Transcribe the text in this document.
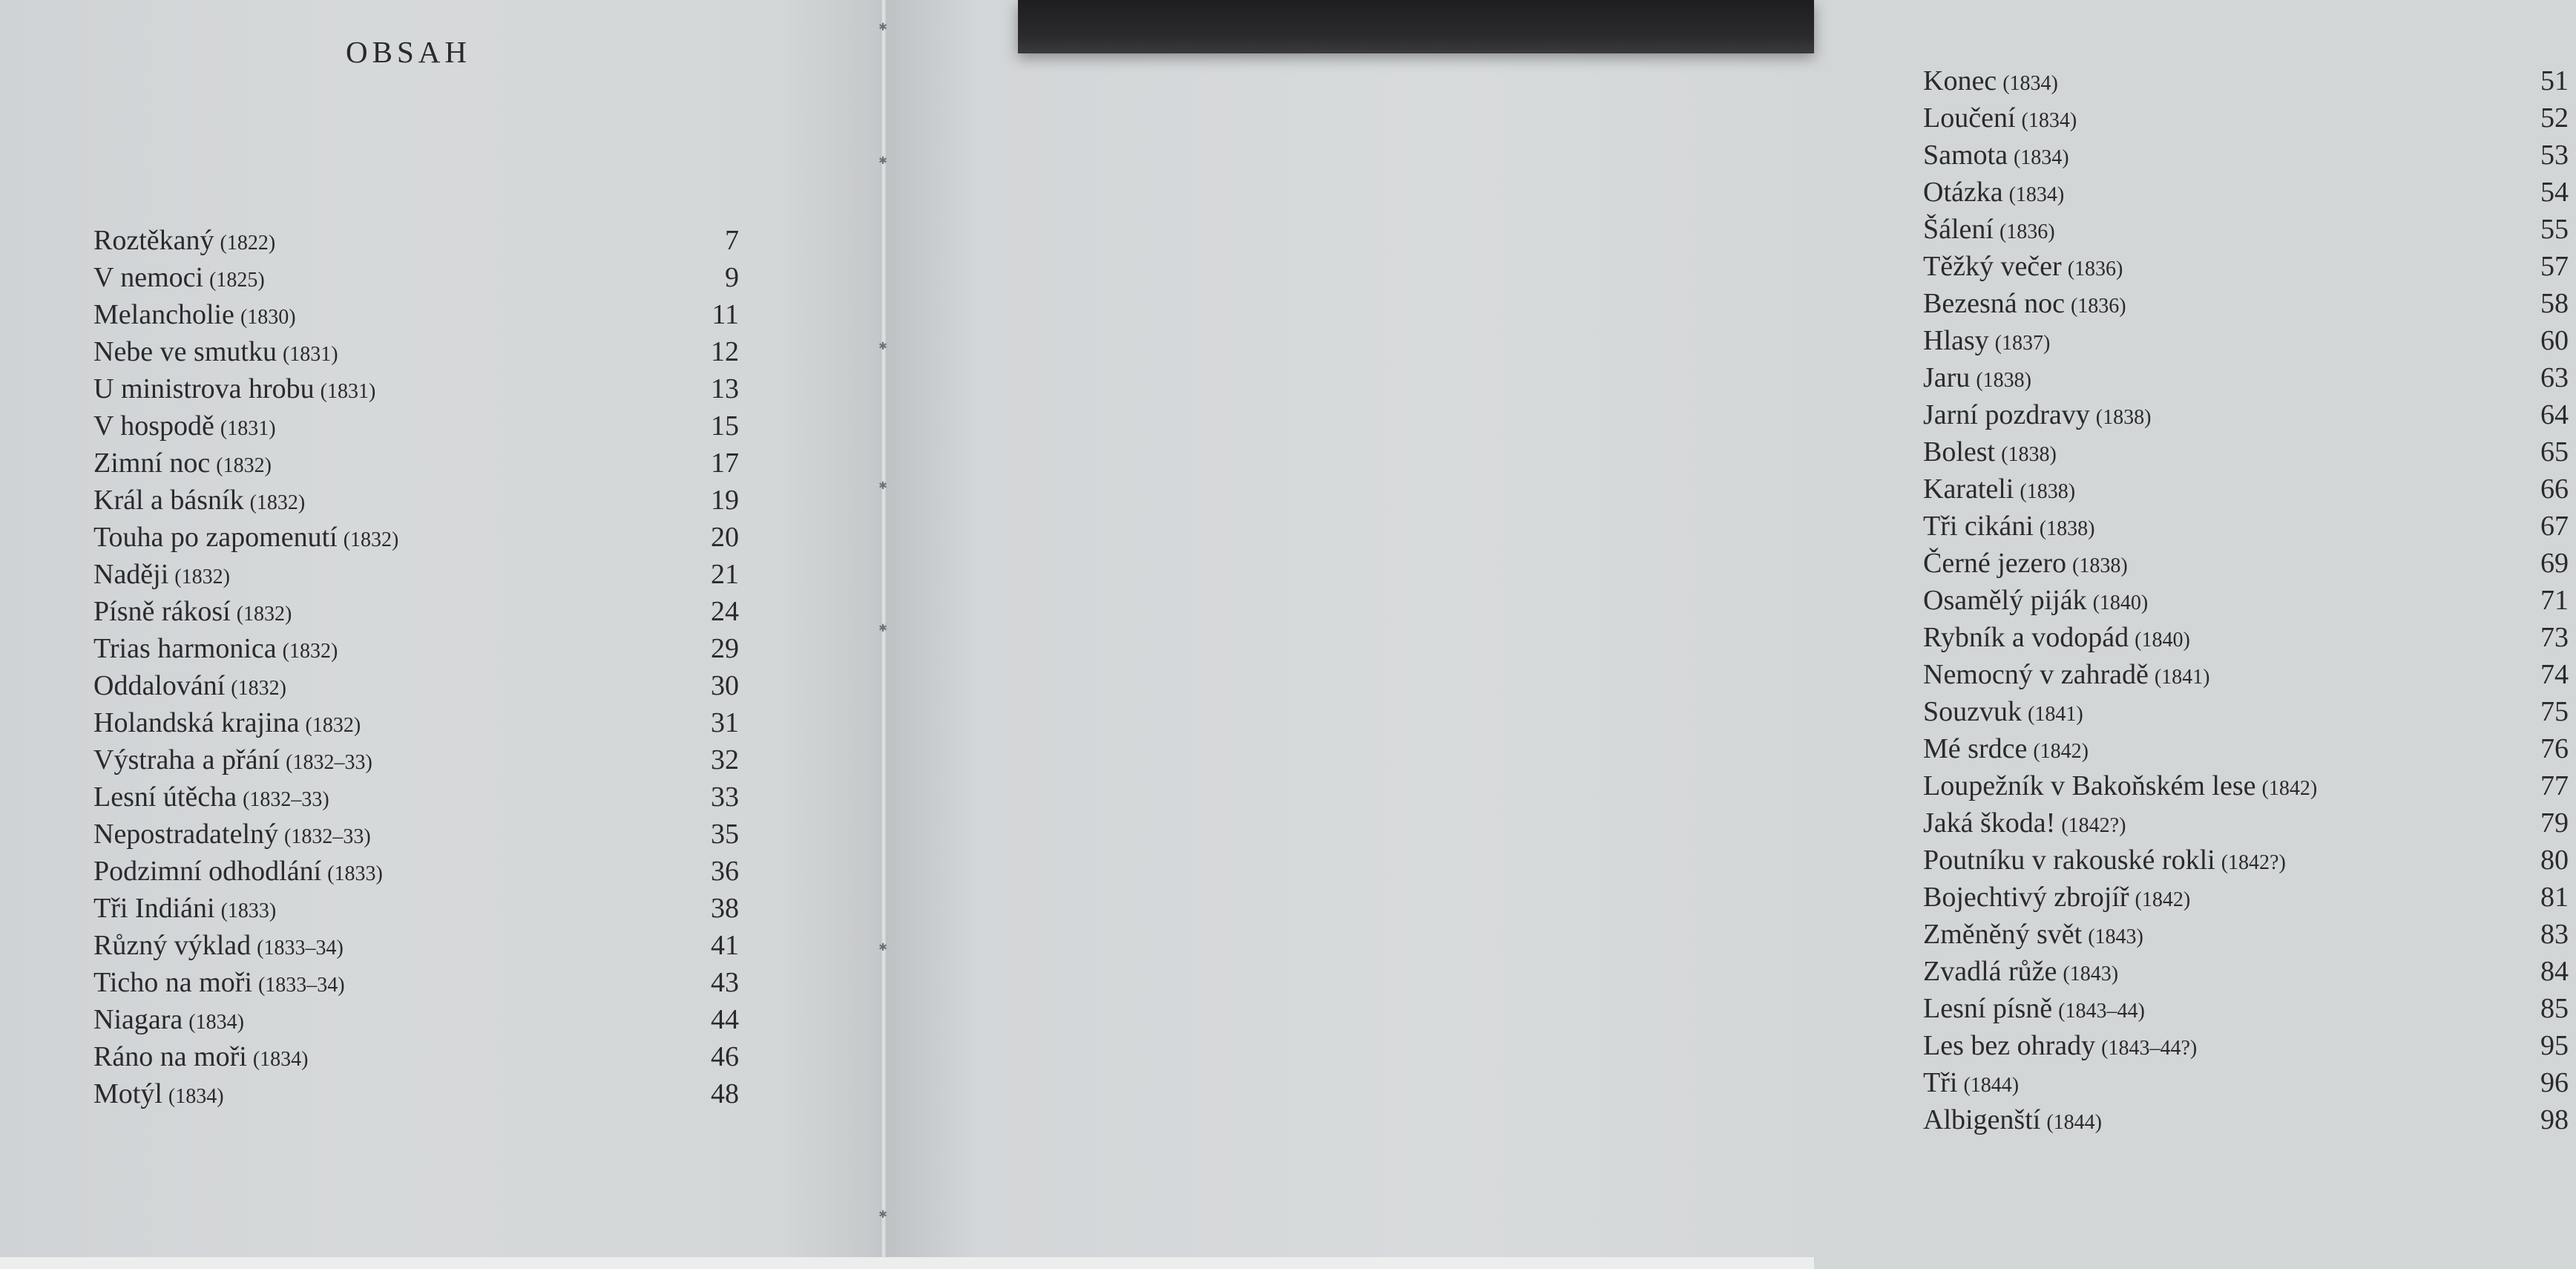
OBSAH
Roztěkaný (1822)	7
V nemoci (1825)	9
Melancholie (1830)	11
Nebe ve smutku (1831)	12
U ministrova hrobu (1831)	13
V hospodě (1831)	15
Zimní noc (1832)	17
Král a básník (1832)	19
Touha po zapomenutí (1832)	20
Naději (1832)	21
Písně rákosí (1832)	24
Trias harmonica (1832)	29
Oddalování (1832)	30
Holandská krajina (1832)	31
Výstraha a přání (1832–33)	32
Lesní útěcha (1832–33)	33
Nepostradatelný (1832–33)	35
Podzimní odhodlání (1833)	36
Tři Indiáni (1833)	38
Různý výklad (1833–34)	41
Ticho na moři (1833–34)	43
Niagara (1834)	44
Ráno na moři (1834)	46
Motýl (1834)	48
Konec (1834)	51
Loučení (1834)	52
Samota (1834)	53
Otázka (1834)	54
Šálení (1836)	55
Těžký večer (1836)	57
Bezesná noc (1836)	58
Hlasy (1837)	60
Jaru (1838)	63
Jarní pozdravy (1838)	64
Bolest (1838)	65
Karateli (1838)	66
Tři cikáni (1838)	67
Černé jezero (1838)	69
Osamělý piják (1840)	71
Rybník a vodopád (1840)	73
Nemocný v zahradě (1841)	74
Souzvuk (1841)	75
Mé srdce (1842)	76
Loupežník v Bakoňském lese (1842)	77
Jaká škoda! (1842?)	79
Poutníku v rakouské rokli (1842?)	80
Bojechtivý zbrojíř (1842)	81
Změněný svět (1843)	83
Zvadlá růže (1843)	84
Lesní písně (1843–44)	85
Les bez ohrady (1843–44?)	95
Tři (1844)	96
Albigenští (1844)	98
✱
✱
✱
✱
✱
✱
✱
